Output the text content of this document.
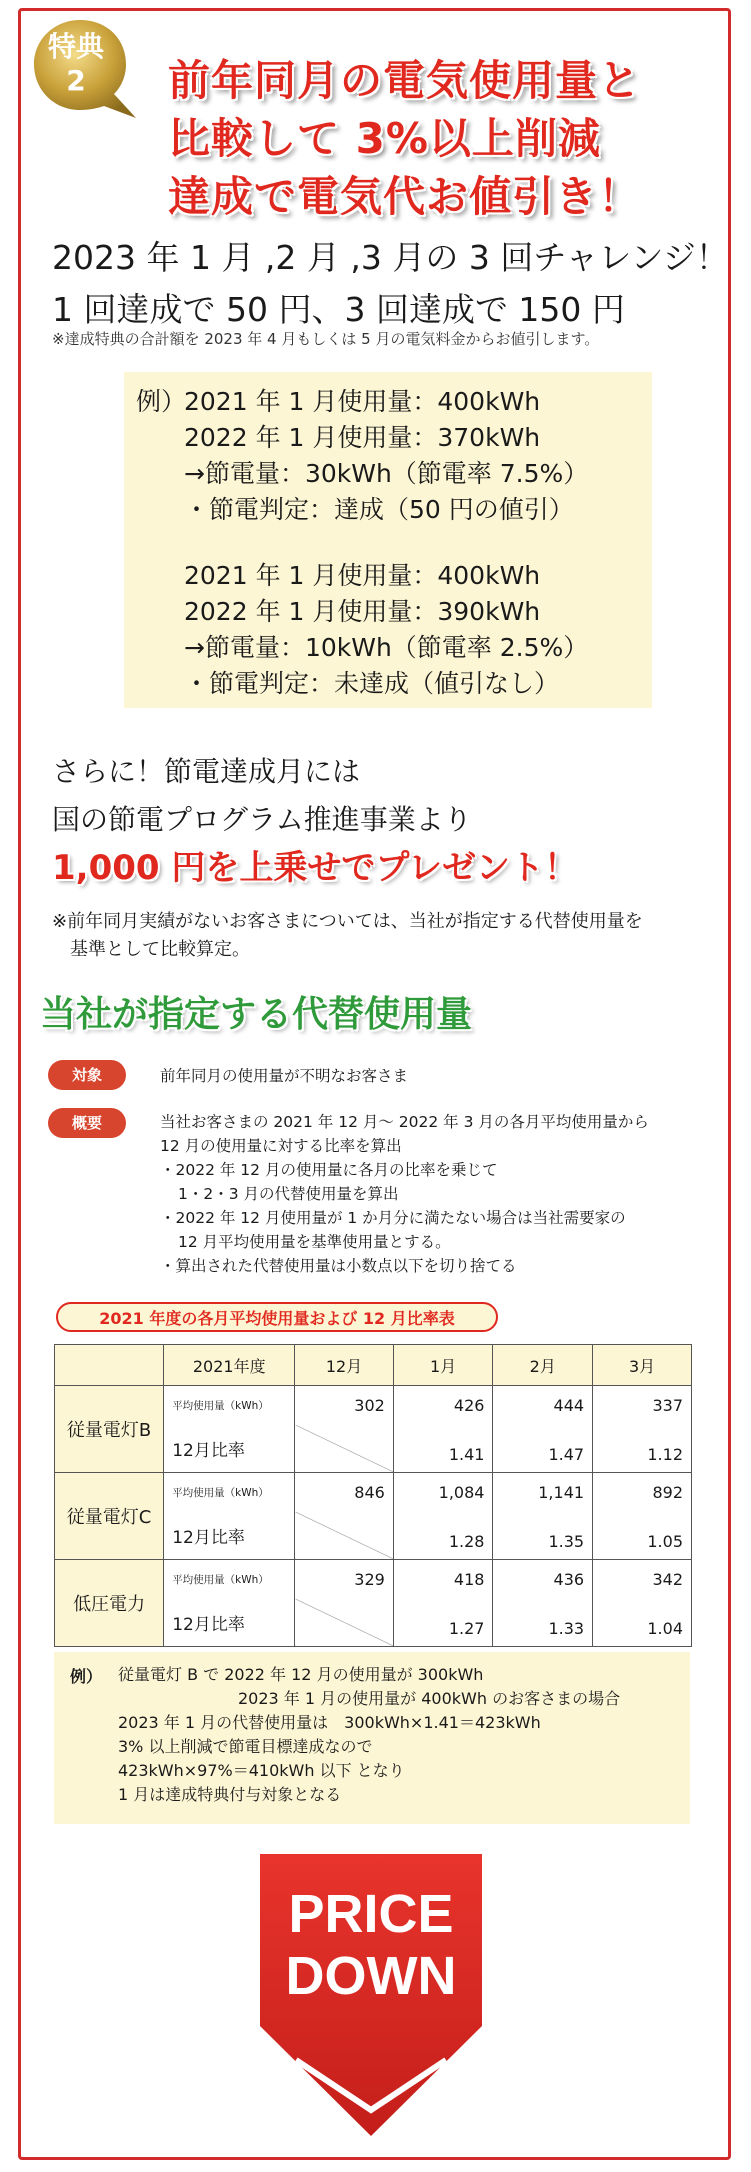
特典
2	前年同月の電気使用量と
比較して 3%以上削減
達成で電気代お値引き！
2023 年 1 月 ,2 月 ,3 月の 3 回チャレンジ！
1 回達成で 50 円、3 回達成で 150 円
※達成特典の合計額を 2023 年 4 月もしくは 5 月の電気料金からお値引します。
例）
2021 年 1 月使用量：400kWh
2022 年 1 月使用量：370kWh
→節電量：30kWh（節電率 7.5%）
・節電判定：達成（50 円の値引）
2021 年 1 月使用量：400kWh
2022 年 1 月使用量：390kWh
→節電量：10kWh（節電率 2.5%）
・節電判定：未達成（値引なし）
さらに！節電達成月には
国の節電プログラム推進事業より
1,000 円を上乗せでプレゼント！
※前年同月実績がないお客さまについては、当社が指定する代替使用量を
基準として比較算定。
当社が指定する代替使用量
対象	前年同月の使用量が不明なお客さま
概要	当社お客さまの 2021 年 12 月～ 2022 年 3 月の各月平均使用量から
12 月の使用量に対する比率を算出
・2022 年 12 月の使用量に各月の比率を乗じて
1・2・3 月の代替使用量を算出
・2022 年 12 月使用量が 1 か月分に満たない場合は当社需要家の
12 月平均使用量を基準使用量とする。
・算出された代替使用量は小数点以下を切り捨てる
2021 年度の各月平均使用量および 12 月比率表
	2021年度	12月	1月	2月	3月
従量電灯B	平均使用量（kWh）	302	426	444	337
	12月比率		1.41	1.47	1.12
従量電灯C	平均使用量（kWh）	846	1,084	1,141	892
	12月比率		1.28	1.35	1.05
低圧電力	平均使用量（kWh）	329	418	436	342
	12月比率		1.27	1.33	1.04
例） 従量電灯 B で 2022 年 12 月の使用量が 300kWh
2023 年 1 月の使用量が 400kWh のお客さまの場合
2023 年 1 月の代替使用量は　300kWh×1.41＝423kWh
3% 以上削減で節電目標達成なので
423kWh×97%＝410kWh 以下 となり
1 月は達成特典付与対象となる
PRICE
DOWN
